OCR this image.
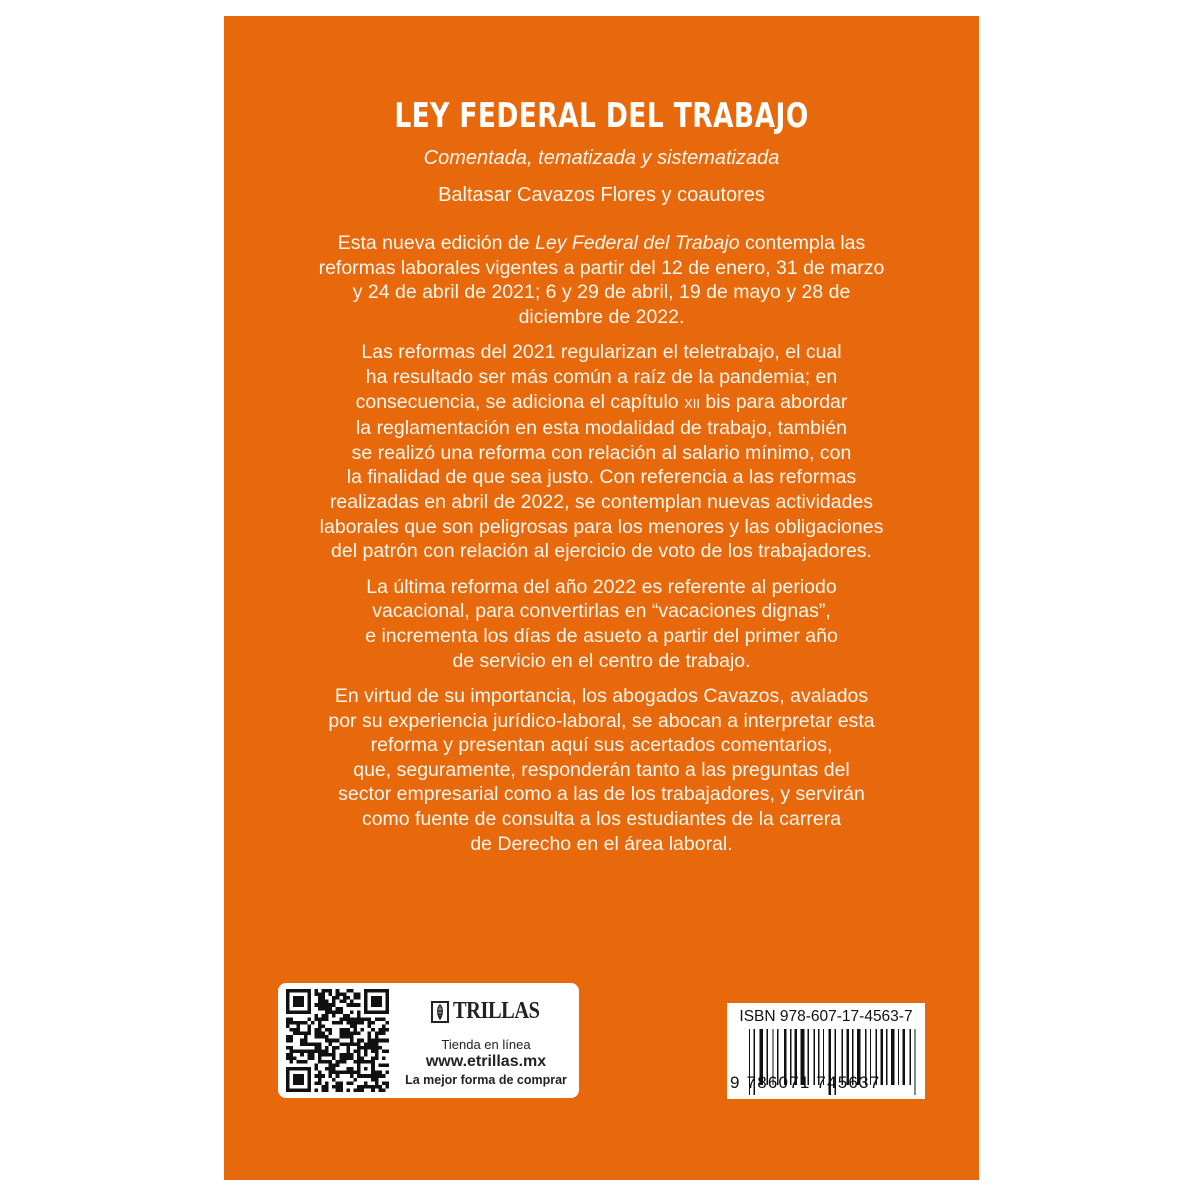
LEY FEDERAL DEL TRABAJO
Comentada, tematizada y sistematizada
Baltasar Cavazos Flores y coautores

Esta nueva edición de Ley Federal del Trabajo contempla las
reformas laborales vigentes a partir del 12 de enero, 31 de marzo
y 24 de abril de 2021; 6 y 29 de abril, 19 de mayo y 28 de
diciembre de 2022.

Las reformas del 2021 regularizan el teletrabajo, el cual
ha resultado ser más común a raíz de la pandemia; en
consecuencia, se adiciona el capítulo XII bis para abordar
la reglamentación en esta modalidad de trabajo, también
se realizó una reforma con relación al salario mínimo, con
la finalidad de que sea justo. Con referencia a las reformas
realizadas en abril de 2022, se contemplan nuevas actividades
laborales que son peligrosas para los menores y las obligaciones
del patrón con relación al ejercicio de voto de los trabajadores.

La última reforma del año 2022 es referente al periodo
vacacional, para convertirlas en “vacaciones dignas”,
e incrementa los días de asueto a partir del primer año
de servicio en el centro de trabajo.

En virtud de su importancia, los abogados Cavazos, avalados
por su experiencia jurídico-laboral, se abocan a interpretar esta
reforma y presentan aquí sus acertados comentarios,
que, seguramente, responderán tanto a las preguntas del
sector empresarial como a las de los trabajadores, y servirán
como fuente de consulta a los estudiantes de la carrera
de Derecho en el área laboral.

TRILLAS
Tienda en línea
www.etrillas.mx
La mejor forma de comprar
ISBN 978-607-17-4563-7
9 786071 745637
